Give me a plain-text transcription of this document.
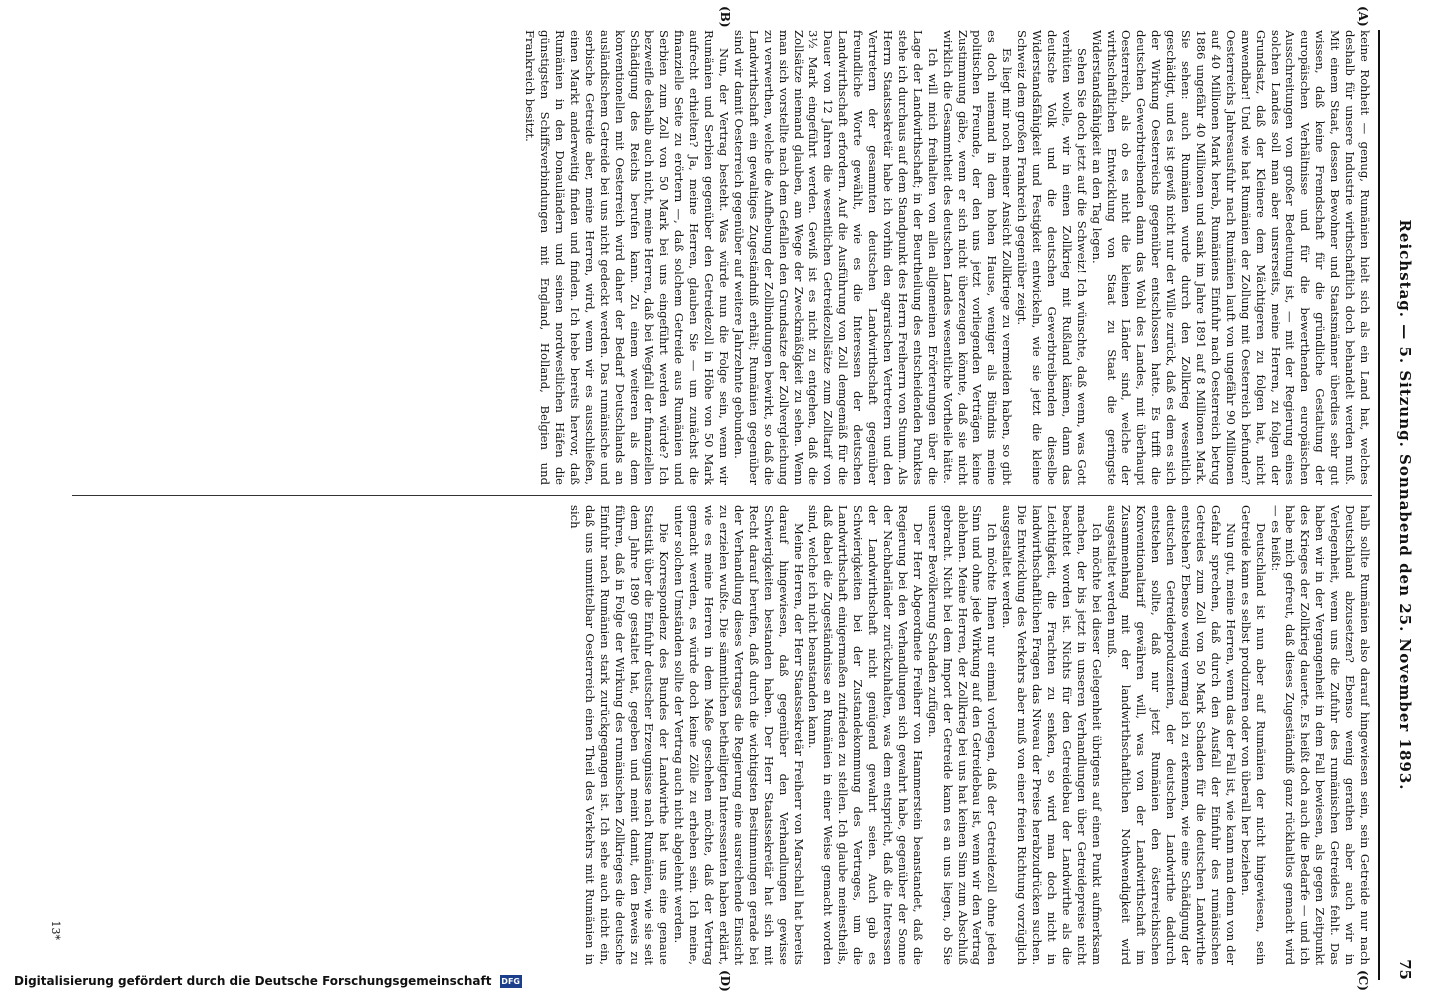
Reichstag. — 5. Sitzung. Sonnabend den 25. November 1893.
75
(A)
(B)
(C)
(D)

keine Rohheit — genug, Rumänien hielt sich als ein Land hat, welches deshalb für unsere Industrie wirthschaftlich doch behandelt werden muß. Mit einem Staat, dessen Bewohner und Staatsmänner überdies sehr gut wissen, daß keine Fremdschaft für die gründliche Gestaltung der europäischen Verhältnisse und für die bewerthenden europäischen Ausschreitungen von großer Bedeutung ist, — mit der Regierung eines solchen Landes soll man aber unsrerseits, meine Herren, zu folgen der Grundsatz, daß der Kleinere dem Mächtigeren zu folgen hat, nicht anwendbar! Und wie hat Rumänien der Zollung mit Oesterreich befunden? Oesterreichs Jahresausfuhr nach Rumänien lauft von ungefähr 90 Millionen auf 40 Millionen Mark herab, Rumäniens Einfuhr nach Oesterreich betrug 1886 ungefähr 40 Millionen und sank im Jahre 1891 auf 8 Millionen Mark. Sie sehen: auch Rumänien wurde durch den Zollkrieg wesentlich geschädigt, und es ist gewiß nicht nur der Wille zurück, daß es dem es sich der Wirkung Oesterreichs gegenüber entschlossen hatte. Es trifft die deutschen Gewerbtreibenden dann das Wohl des Landes, mit überhaupt Oesterreich, als ob es nicht die kleinen Länder sind, welche der wirthschaftlichen Entwicklung von Staat zu Staat die geringste Widerstandsfähigkeit an den Tag legen.

Sehen Sie doch jetzt auf die Schweiz! Ich wünschte, daß wenn, was Gott verhüten wolle, wir in einen Zollkrieg mit Rußland kämen, dann das deutsche Volk und die deutschen Gewerbtreibenden dieselbe Widerstandsfähigkeit und Festigkeit entwickeln, wie sie jetzt die kleine Schweiz dem großen Frankreich gegenüber zeigt.

Es liegt mir noch meiner Ansicht Zollkriege zu vermeiden haben, so gibt es doch niemand in dem hohen Hause, weniger als Bündnis meine politischen Freunde, der den uns jetzt vorliegenden Verträgen keine Zustimmung gäbe, wenn er sich nicht überzeugen könnte, daß sie nicht wirklich die Gesammtheit des deutschen Landes wesentliche Vortheile hätte.

Ich will mich freihalten von allen allgemeinen Erörterungen über die Lage der Landwirthschaft; in der Beurtheilung des entscheidenden Punktes stehe ich durchaus auf dem Standpunkt des Herrn Freiherrn von Stumm. Als Herrn Staatssekretär habe ich vorhin den agrarischen Vertretern und den Vertretern der gesammten deutschen Landwirthschaft gegenüber freundliche Worte gewählt, wie es die Interessen der deutschen Landwirthschaft erfordern. Auf die Ausführung von Zoll demgemäß für die Dauer von 12 Jahren die wesentlichen Getreidezollsätze zum Zolltarif von 3½ Mark eingeführt werden. Gewiß ist es nicht zu entgehen, daß die Zollsätze niemand glauben, am Wege der Zweckmäßigkeit zu sehen. Wenn man sich vorstellte nach dem Gefallen den Grundsatze der Zollvergleichung zu verwerthen, welche die Aufhebung der Zollbindungen bewirkt, so daß die Landwirthschaft ein gewaltiges Zugeständniß erhält; Rumänien gegenüber sind wir damit Oesterreich gegenüber auf weitere Jahrzehnte gebunden.

Nun, der Vertrag besteht. Was würde nun die Folge sein, wenn wir Rumänien und Serbien gegenüber den Getreidezoll in Höhe von 50 Mark aufrecht erhielten? Ja, meine Herren, glauben Sie — um zunächst die finanzielle Seite zu erörtern —, daß solchem Getreide aus Rumänien und Serbien zum Zoll von 50 Mark bei uns eingeführt werden würde? Ich bezweifle deshalb auch nicht, meine Herren, daß bei Wegfall der finanziellen Schädigung des Reichs berufen kann. Zu einem weiteren als dem konventionellen mit Oesterreich wird daher der Bedarf Deutschlands an ausländischem Getreide bei uns nicht gedeckt werden. Das rumänische und serbische Getreide aber, meine Herren, wird, wenn wir es ausschließen, einen Markt anderweitig finden und finden. Ich hebe bereits hervor, daß Rumänien in den Donauländern und seinen nordwestlichen Häfen die günstigsten Schiffsverbindungen mit England, Holland, Belgien und Frankreich besitzt.

halb sollte Rumänien also darauf hingewiesen sein, sein Getreide nur nach Deutschland abzusetzen? Ebenso wenig gerathen aber auch wir in Verlegenheit, wenn uns die Zufuhr des rumänischen Getreides fehlt. Das haben wir in der Vergangenheit in dem Fall bewiesen, als gegen Zeitpunkt des Krieges der Zollkrieg dauerte. Es heißt doch auch die Bedarfe — und ich habe mich gefreut, daß dieses Zugeständniß ganz rückhaltlos gemacht wird — es heißt:

Deutschland ist nun aber auf Rumänien der nicht hingewiesen, sein Getreide kann es selbst produziren oder von überall her beziehen.

Nun gut, meine Herren, wenn das der Fall ist, wie kann man denn von der Gefahr sprechen, daß durch den Ausfall der Einfuhr des rumänischen Getreides zum Zoll von 50 Mark Schaden für die deutschen Landwirthe entstehen? Ebenso wenig vermag ich zu erkennen, wie eine Schädigung der deutschen Getreideproduzenten, der deutschen Landwirthe dadurch entstehen sollte, daß nur jetzt Rumänien den österreichischen Konventionaltarif gewähren will, was von der Landwirthschaft im Zusammenhang mit der landwirthschaftlichen Nothwendigkeit wird ausgestaltet werden muß.

Ich möchte bei dieser Gelegenheit übrigens auf einen Punkt aufmerksam machen, der bis jetzt in unseren Verhandlungen über Getreidepreise nicht beachtet worden ist. Nichts für den Getreidebau der Landwirthe als die Leichtigkeit, die Frachten zu senken, so wird man doch nicht in landwirthschaftlichen Fragen das Niveau der Preise herabzudrücken suchen. Die Entwicklung des Verkehrs aber muß von einer freien Richtung vorzüglich ausgestaltet werden.

Ich möchte Ihnen nur einmal vorlegen, daß der Getreidezoll ohne jeden Sinn und ohne jede Wirkung auf den Getreidebau ist, wenn wir den Vertrag ablehnen. Meine Herren, der Zollkrieg bei uns hat keinen Sinn zum Abschluß gebracht. Nicht bei dem Import der Getreide kann es an uns liegen, ob Sie unserer Bevölkerung Schaden zufügen.

Der Herr Abgeordnete Freiherr von Hammerstein beanstandet, daß die Regierung bei den Verhandlungen sich gewahrt habe, gegenüber der Sonne der Nachbarländer zurückzuhalten, was dem entspricht, daß die Interessen der Landwirthschaft nicht genügend gewahrt seien. Auch gab es Schwierigkeiten bei der Zustandekommung des Vertrages, um die Landwirthschaft einigermaßen zufrieden zu stellen. Ich glaube meinestheils, daß dabei die Zugeständnisse an Rumänien in einer Weise gemacht worden sind, welche ich nicht beanstanden kann.

Meine Herren, der Herr Staatssekretär Freiherr von Marschall hat bereits darauf hingewiesen, daß gegenüber den Verhandlungen gewisse Schwierigkeiten bestanden haben. Der Herr Staatssekretär hat sich mit Recht darauf berufen, daß durch die wichtigsten Bestimmungen gerade bei der Verhandlung dieses Vertrages die Regierung eine ausreichende Einsicht zu erzielen wußte. Die sämmtlichen betheiligten Interessenten haben erklärt, wie es meine Herren in dem Maße geschehen möchte, daß der Vertrag gemacht werden, es würde doch keine Zölle zu erheben sein. Ich meine, unter solchen Umständen sollte der Vertrag auch nicht abgelehnt werden.

Die Korrespondenz des Bundes der Landwirthe hat uns eine genaue Statistik über die Einfuhr deutscher Erzeugnisse nach Rumänien, wie sie seit dem Jahre 1890 gestaltet hat, gegeben und meint damit, den Beweis zu führen, daß in Folge der Wirkung des rumänischen Zollkrieges die deutsche Einfuhr nach Rumänien stark zurückgegangen ist. Ich sehe auch nicht ein, daß uns unmittelbar Oesterreich einen Theil des Verkehrs mit Rumänien in sich

13*
Digitalisierung gefördert durch die Deutsche Forschungsgemeinschaft DFG
